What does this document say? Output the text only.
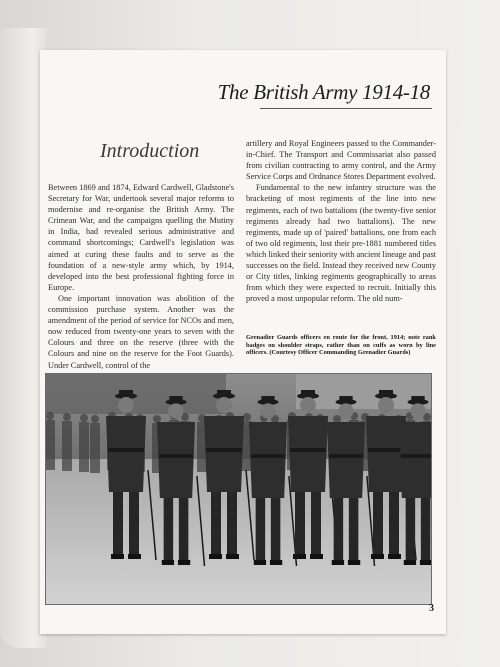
The British Army 1914-18
Introduction

Between 1869 and 1874, Edward Cardwell, Gladstone's Secretary for War, undertook several major reforms to modernise and re-organise the British Army. The Crimean War, and the campaigns quelling the Mutiny in India, had revealed serious administrative and command shortcomings; Cardwell's legislation was aimed at curing these faults and to serve as the foundation of a new-style army which, by 1914, developed into the best professional fighting force in Europe.

One important innovation was abolition of the commission purchase system. Another was the amendment of the period of service for NCOs and men, now reduced from twenty-one years to seven with the Colours and three on the reserve (three with the Colours and nine on the reserve for the Foot Guards). Under Cardwell, control of the

artillery and Royal Engineers passed to the Commander-in-Chief. The Transport and Commissariat also passed from civilian contracting to army control, and the Army Service Corps and Ordnance Stores Department evolved.

Fundamental to the new infantry structure was the bracketing of most regiments of the line into new regiments, each of two battalions (the twenty-five senior regiments already had two battalions). The new regiments, made up of 'paired' battalions, one from each of two old regiments, lost their pre-1881 numbered titles which linked their seniority with ancient lineage and past successes on the field. Instead they received new County or City titles, linking regiments geographically to areas from which they were expected to recruit. Initially this proved a most unpopular reform. The old num-

Grenadier Guards officers en route for the front, 1914; note rank badges on shoulder straps, rather than on cuffs as worn by line officers. (Courtesy Officer Commanding Grenadier Guards)

3
